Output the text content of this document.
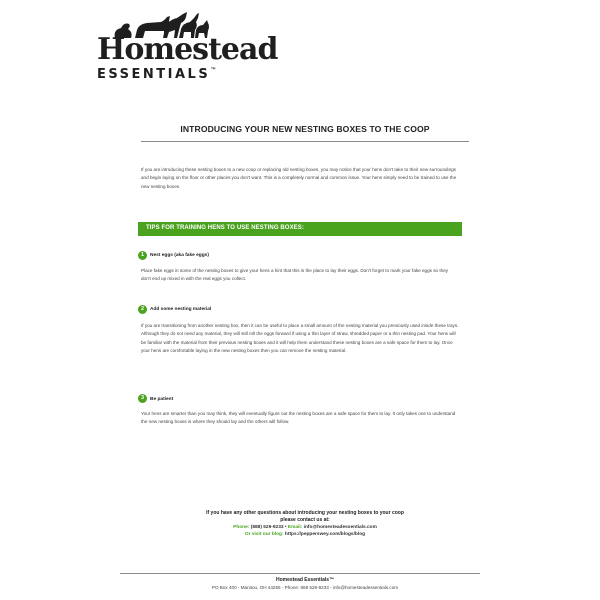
Homestead
ESSENTIALS™
INTRODUCING YOUR NEW NESTING BOXES TO THE COOP
If you are introducing these nesting boxes to a new coop or replacing old nesting boxes, you may notice that your hens don't take to their new surroundings and begin laying on the floor or other places you don't want. This is a completely normal and common issue. Your hens simply need to be trained to use the new nesting boxes.
TIPS FOR TRAINING HENS TO USE NESTING BOXES:
1	Nest eggs (aka fake eggs)
Place fake eggs in some of the nesting boxes to give your hens a hint that this is the place to lay their eggs. Don't forget to mark your fake eggs so they don't end up mixed in with the real eggs you collect.
2	Add some nesting material
If you are transitioning from another nesting box, then it can be useful to place a small amount of the nesting material you previously used inside these trays. Although they do not need any material, they will still roll the eggs forward if using a thin layer of straw, shredded paper or a thin nesting pad. Your hens will be familiar with the material from their previous nesting boxes and it will help them understand these nesting boxes are a safe space for them to lay. Once your hens are comfortable laying in the new nesting boxes then you can remove the nesting material.
3	Be patient
Your hens are smarter than you may think, they will eventually figure out the nesting boxes are a safe space for them to lay. It only takes one to understand the new nesting boxes is where they should lay and the others will follow.
If you have any other questions about introducing your nesting boxes to your coop
please contact us at:
Phone: (888) 529-9233 • Email: info@homesteadessentials.com
Or visit our blog: https://pepperswey.com/blogs/blog
Homestead Essentials™
PO Box 400 - Manitou, OH 44255 - Phone: 888 529-9233 - info@homesteadessentials.com
